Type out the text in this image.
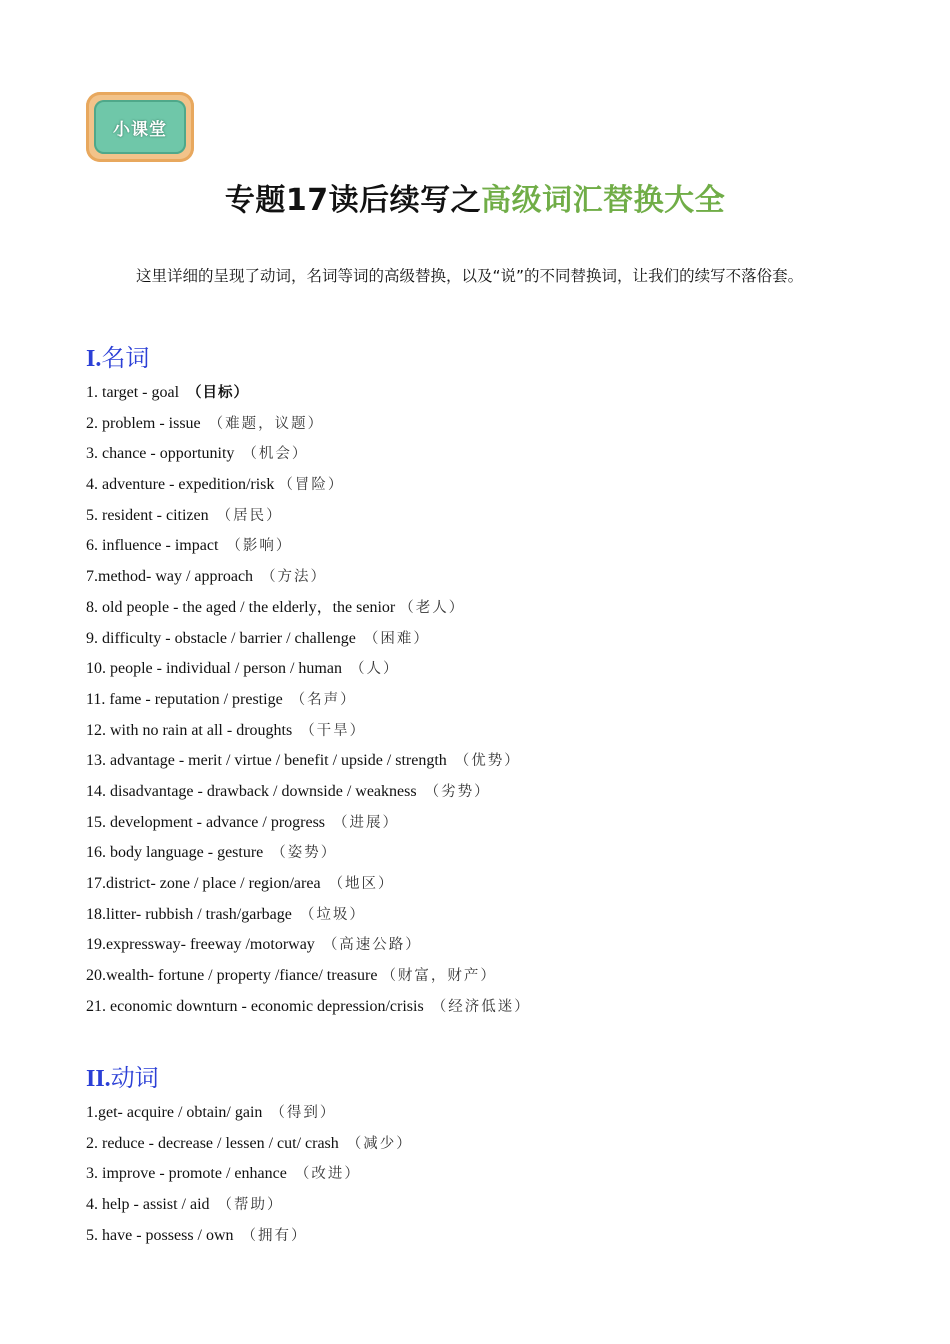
小课堂
专题17读后续写之高级词汇替换大全
这里详细的呈现了动词，名词等词的高级替换，以及“说”的不同替换词，让我们的续写不落俗套。
I.名词
1. target - goal （目标）
2. problem - issue （难题，议题）
3. chance - opportunity （机会）
4. adventure - expedition/risk （冒险）
5. resident - citizen （居民）
6. influence - impact （影响）
7.method- way / approach （方法）
8. old people - the aged / the elderly，the senior （老人）
9. difficulty - obstacle / barrier / challenge （困难）
10. people - individual / person / human （人）
11. fame - reputation / prestige （名声）
12. with no rain at all - droughts （干旱）
13. advantage - merit / virtue / benefit / upside / strength （优势）
14. disadvantage - drawback / downside / weakness （劣势）
15. development - advance / progress （进展）
16. body language - gesture （姿势）
17.district- zone / place / region/area （地区）
18.litter- rubbish / trash/garbage （垃圾）
19.expressway- freeway /motorway （高速公路）
20.wealth- fortune / property /fiance/ treasure （财富，财产）
21. economic downturn - economic depression/crisis （经济低迷）
II.动词
1.get- acquire / obtain/ gain （得到）
2. reduce - decrease / lessen / cut/ crash （减少）
3. improve - promote / enhance （改进）
4. help - assist / aid （帮助）
5. have - possess / own （拥有）
